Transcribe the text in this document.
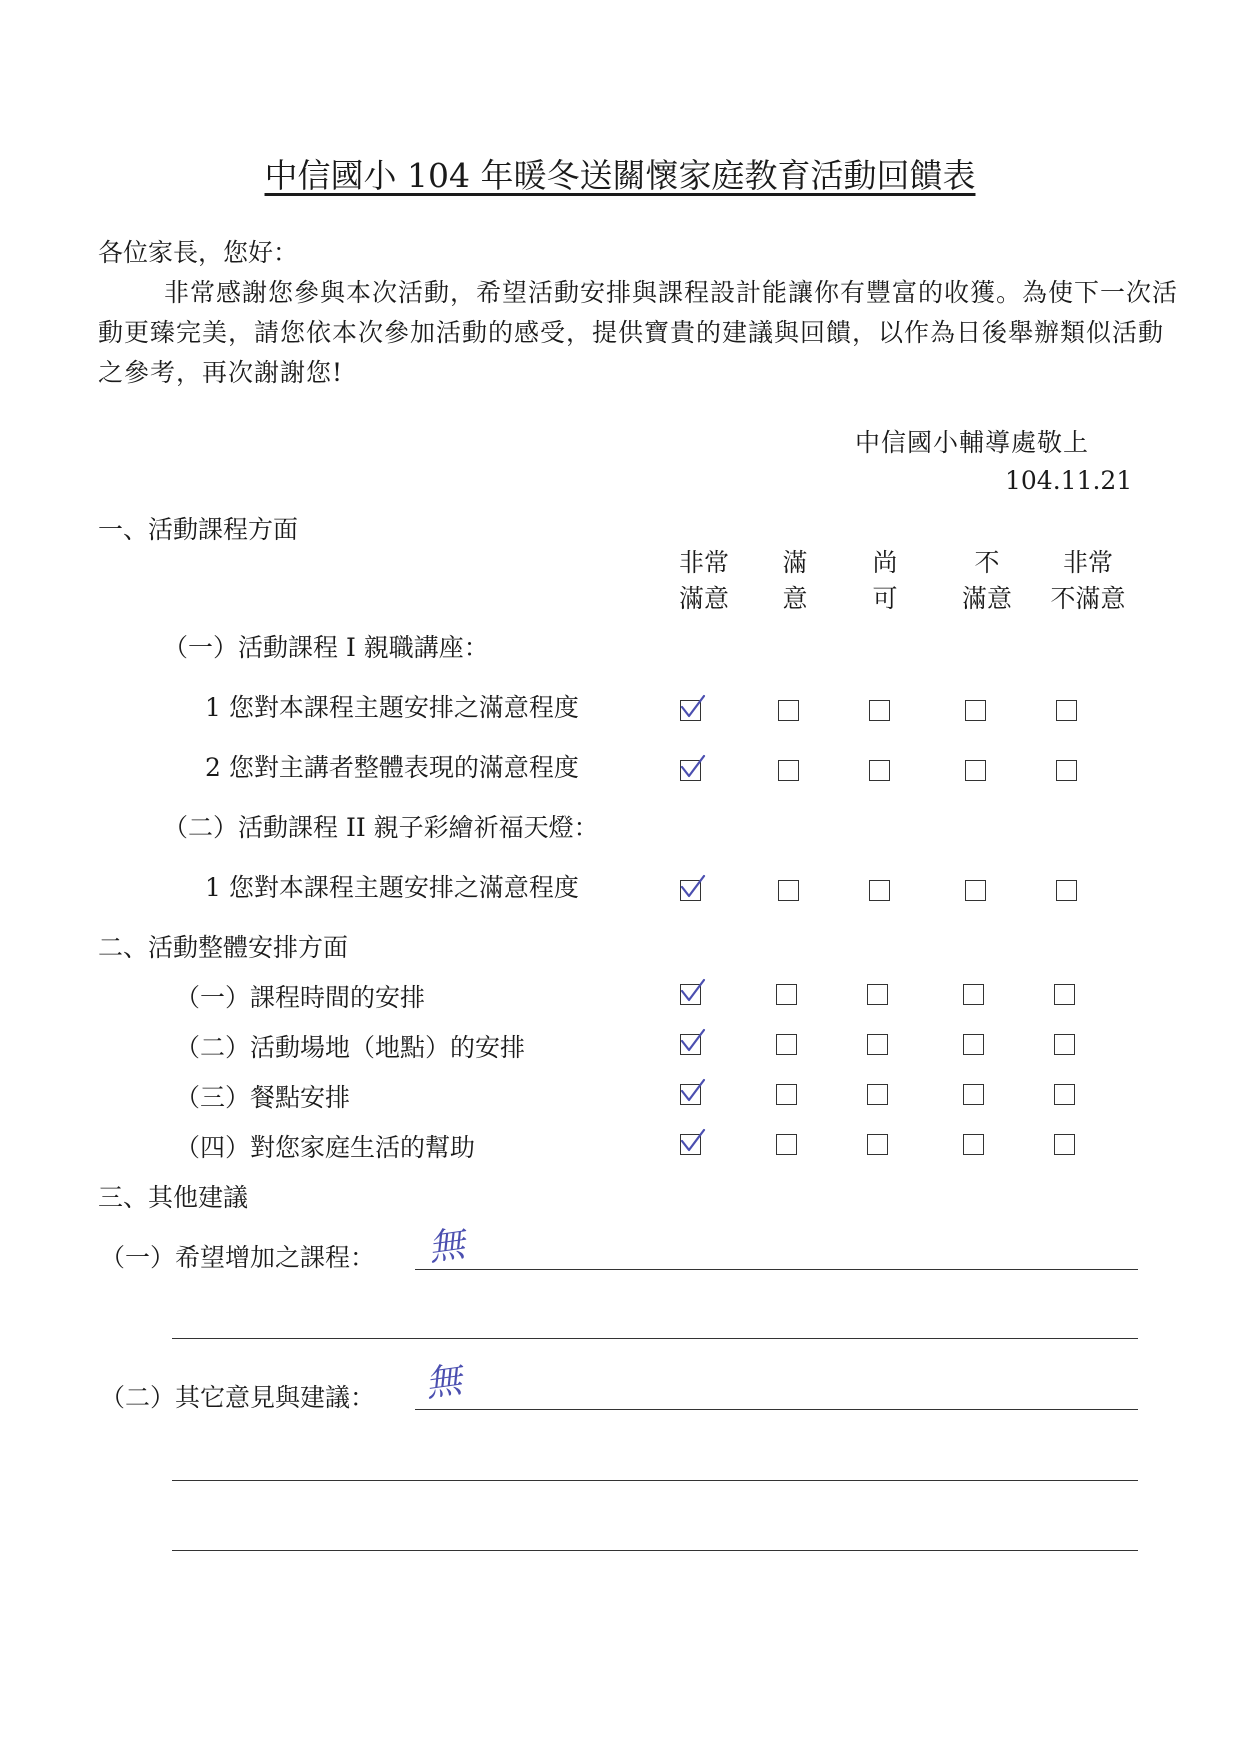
中信國小 104 年暖冬送關懷家庭教育活動回饋表
各位家長，您好：
非常感謝您參與本次活動，希望活動安排與課程設計能讓你有豐富的收獲。為使下一次活動更臻完美，請您依本次參加活動的感受，提供寶貴的建議與回饋，以作為日後舉辦類似活動之參考，再次謝謝您!
中信國小輔導處敬上
104.11.21
一、活動課程方面
非常
滿意
滿
意
尚
可
不
滿意
非常
不滿意
（一）活動課程 I 親職講座：
1 您對本課程主題安排之滿意程度
2 您對主講者整體表現的滿意程度
（二）活動課程 II 親子彩繪祈福天燈：
1 您對本課程主題安排之滿意程度
二、活動整體安排方面
（一）課程時間的安排
（二）活動場地（地點）的安排
（三）餐點安排
（四）對您家庭生活的幫助
三、其他建議
（一）希望增加之課程： 無
（二）其它意見與建議： 無
